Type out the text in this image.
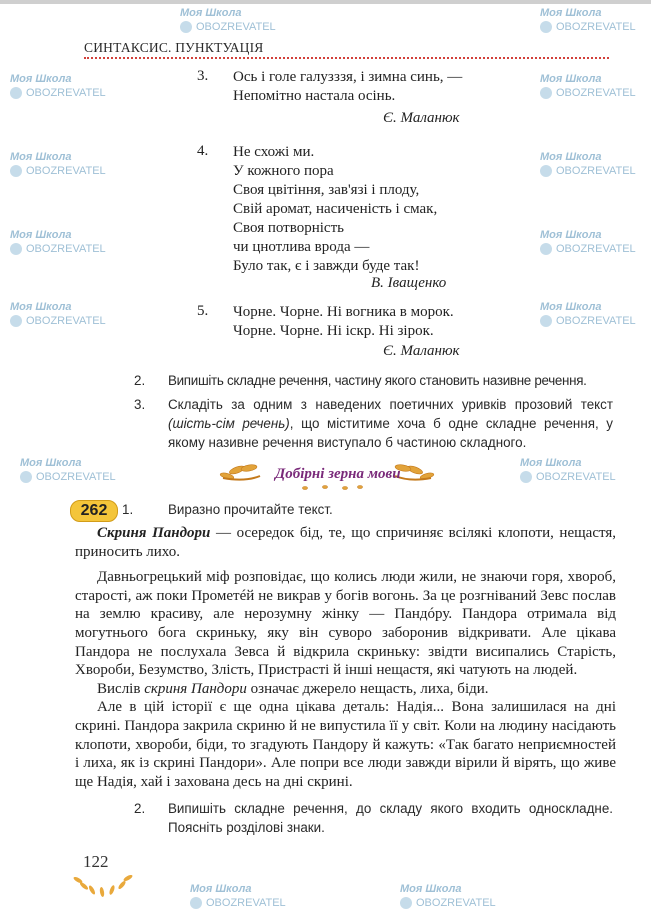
Моя Школа
OBOZREVATEL
Моя Школа
OBOZREVATEL
Моя Школа
OBOZREVATEL
Моя Школа
OBOZREVATEL
Моя Школа
OBOZREVATEL
Моя Школа
OBOZREVATEL
Моя Школа
OBOZREVATEL
Моя Школа
OBOZREVATEL
Моя Школа
OBOZREVATEL
Моя Школа
OBOZREVATEL
Моя Школа
OBOZREVATEL
Моя Школа
OBOZREVATEL
Моя Школа
OBOZREVATEL
Моя Школа
OBOZREVATEL
СИНТАКСИС. ПУНКТУАЦІЯ
3. Ось і голе галузззя, і зимна синь, —
Непомітно настала осінь.
Є. Маланюк
4. Не схожі ми.
У кожного пора
Своя цвітіння, зав'язі і плоду,
Свій аромат, насиченість і смак,
Своя потворність
чи цнотлива врода —
Було так, є і завжди буде так!
В. Іващенко
5. Чорне. Чорне. Ні вогника в морок.
Чорне. Чорне. Ні іскр. Ні зірок.
Є. Маланюк
2. Випишіть складне речення, частину якого становить називне речення.
3. Складіть за одним з наведених поетичних уривків прозовий текст (шість-сім речень), що міститиме хоча б одне складне речення, у якому називне речення виступало б частиною складного.
Добірні зерна мови
262	1.	Виразно прочитайте текст.

Скриня Пандори — осередок бід, те, що спричиняє всілякі клопоти, нещастя, приносить лихо.

Давньогрецький міф розповідає, що колись люди жили, не знаючи горя, хвороб, старості, аж поки Прометéй не викрав у богів вогонь. За це розгніваний Зевс послав на землю красиву, але нерозумну жінку — Пандóру. Пандора отримала від могутнього бога скриньку, яку він суворо заборонив відкривати. Але цікава Пандора не послухала Зевса й відкрила скриньку: звідти висипались Старість, Хвороби, Безумство, Злість, Пристрасті й інші нещастя, які чатують на людей.

Вислів скриня Пандори означає джерело нещасть, лиха, біди.

Але в цій історії є ще одна цікава деталь: Надія... Вона залишилася на дні скрині. Пандора закрила скриню й не випустила її у світ. Коли на людину насідають клопоти, хвороби, біди, то згадують Пандору й кажуть: «Так багато неприємностей і лиха, як із скрині Пандори». Але попри все люди завжди вірили й вірять, що живе ще Надія, хай і захована десь на дні скрині.

2. Випишіть складне речення, до складу якого входить односкладне. Поясніть розділові знаки.
122
